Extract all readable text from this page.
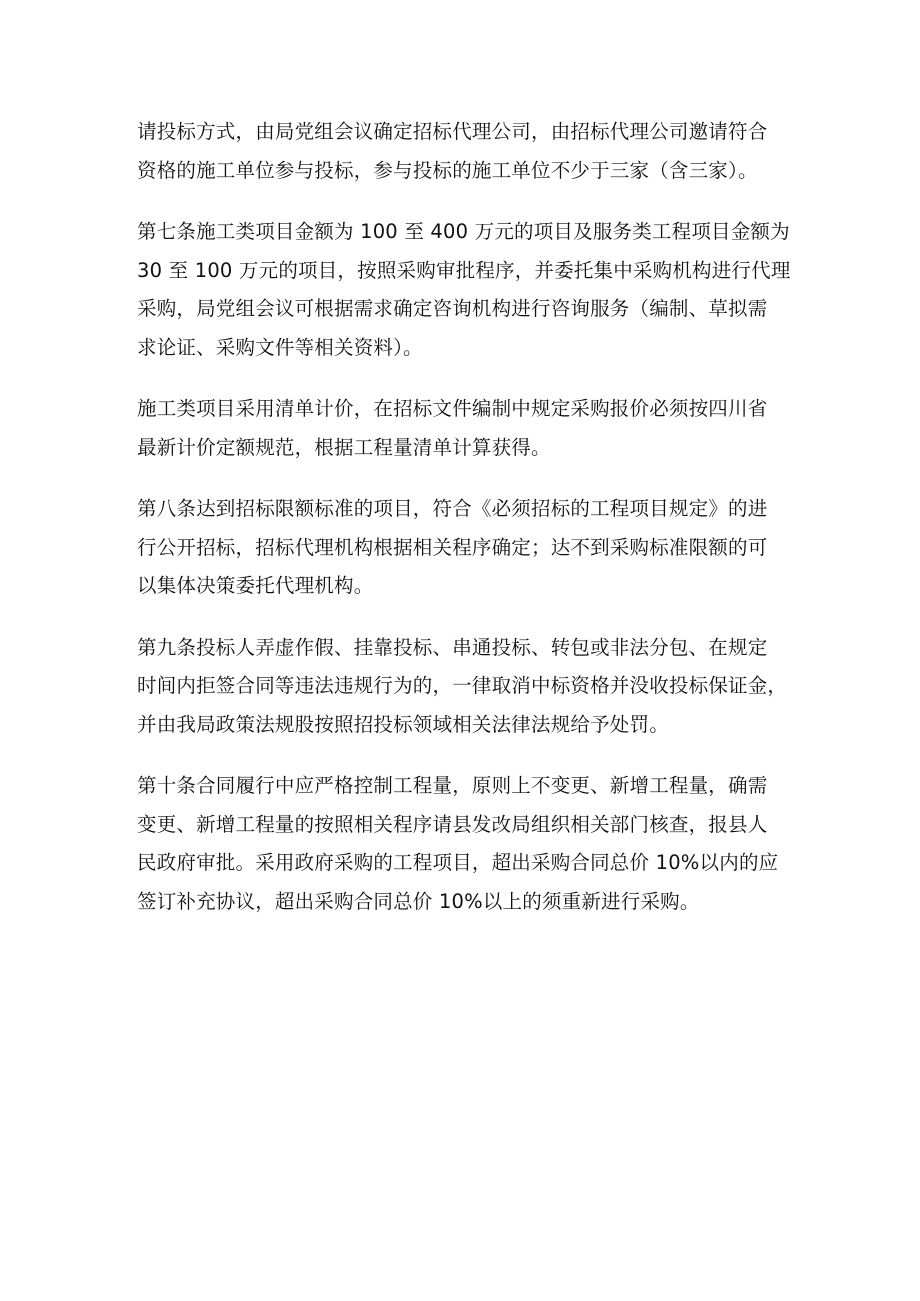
请投标方式，由局党组会议确定招标代理公司，由招标代理公司邀请符合
资格的施工单位参与投标，参与投标的施工单位不少于三家（含三家）。

第七条施工类项目金额为 100 至 400 万元的项目及服务类工程项目金额为
30 至 100 万元的项目，按照采购审批程序，并委托集中采购机构进行代理
采购，局党组会议可根据需求确定咨询机构进行咨询服务（编制、草拟需
求论证、采购文件等相关资料）。

施工类项目采用清单计价，在招标文件编制中规定采购报价必须按四川省
最新计价定额规范，根据工程量清单计算获得。

第八条达到招标限额标准的项目，符合《必须招标的工程项目规定》的进
行公开招标，招标代理机构根据相关程序确定；达不到采购标准限额的可
以集体决策委托代理机构。

第九条投标人弄虚作假、挂靠投标、串通投标、转包或非法分包、在规定
时间内拒签合同等违法违规行为的，一律取消中标资格并没收投标保证金，
并由我局政策法规股按照招投标领域相关法律法规给予处罚。

第十条合同履行中应严格控制工程量，原则上不变更、新增工程量，确需
变更、新增工程量的按照相关程序请县发改局组织相关部门核查，报县人
民政府审批。采用政府采购的工程项目，超出采购合同总价 10%以内的应
签订补充协议，超出采购合同总价 10%以上的须重新进行采购。
